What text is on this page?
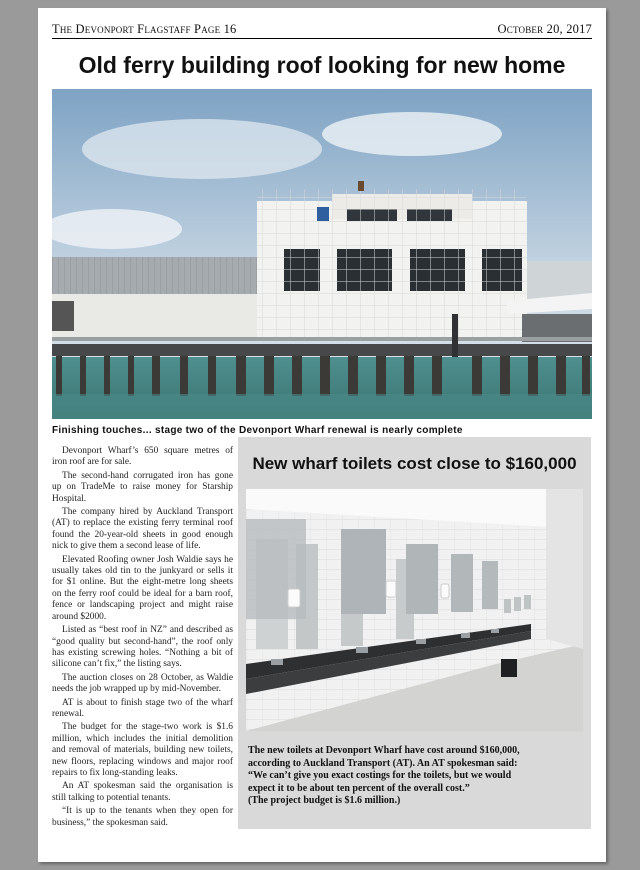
The Devonport Flagstaff Page 16	October 20, 2017
Old ferry building roof looking for new home
Finishing touches... stage two of the Devonport Wharf renewal is nearly complete

Devonport Wharf’s 650 square metres of iron roof are for sale.

The second-hand corrugated iron has gone up on TradeMe to raise money for Starship Hospital.

The company hired by Auckland Transport (AT) to replace the existing ferry terminal roof found the 20-year-old sheets in good enough nick to give them a second lease of life.

Elevated Roofing owner Josh Waldie says he usually takes old tin to the junkyard or sells it for $1 online. But the eight-metre long sheets on the ferry roof could be ideal for a barn roof, fence or landscaping project and might raise around $2000.

Listed as “best roof in NZ” and described as “good quality but second-hand”, the roof only has existing screwing holes. “Nothing a bit of silicone can’t fix,” the listing says.

The auction closes on 28 October, as Waldie needs the job wrapped up by mid-November.

AT is about to finish stage two of the wharf renewal.

The budget for the stage-two work is $1.6 million, which includes the initial demolition and removal of materials, building new toilets, new floors, replacing windows and major roof repairs to fix long-standing leaks.

An AT spokesman said the organisation is still talking to potential tenants.

“It is up to the tenants when they open for business,” the spokesman said.

New wharf toilets cost close to $160,000
The new toilets at Devonport Wharf have cost around $160,000,
according to Auckland Transport (AT). An AT spokesman said:
“We can’t give you exact costings for the toilets, but we would
expect it to be about ten percent of the overall cost.”
(The project budget is $1.6 million.)
